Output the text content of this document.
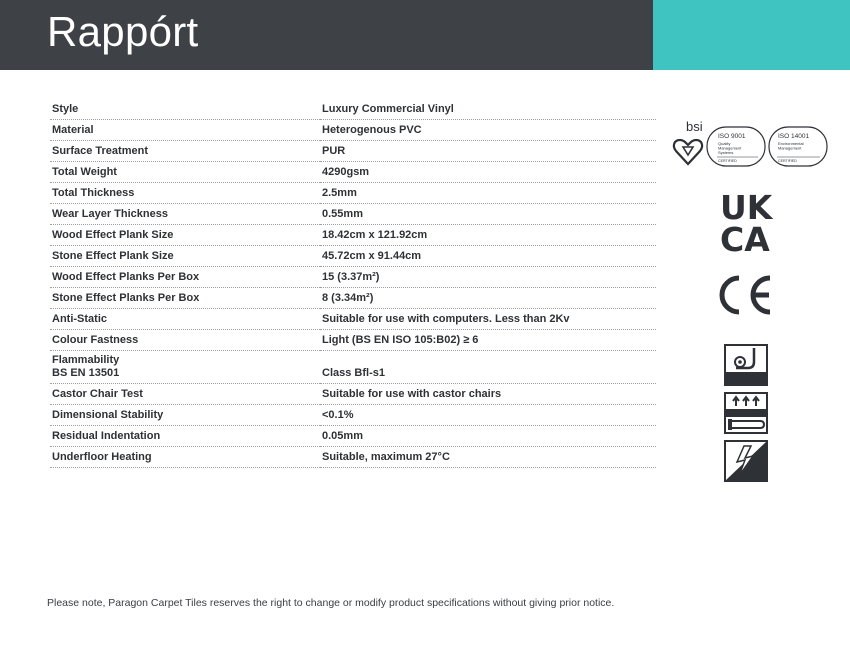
Rappórt
Style	Luxury Commercial Vinyl

Material	Heterogenous PVC

Surface Treatment	PUR

Total Weight	4290gsm

Total Thickness	2.5mm

Wear Layer Thickness	0.55mm

Wood Effect Plank Size	18.42cm x 121.92cm

Stone Effect Plank Size	45.72cm x 91.44cm

Wood Effect Planks Per Box	15 (3.37m²)

Stone Effect Planks Per Box	8 (3.34m²)

Anti-Static	Suitable for use with computers. Less than 2Kv

Colour Fastness	Light (BS EN ISO 105:B02) ≥ 6

Flammability
BS EN 13501	Class Bfl-s1

Castor Chair Test	Suitable for use with castor chairs

Dimensional Stability	<0.1%

Residual Indentation	0.05mm

Underfloor Heating	Suitable, maximum 27°C
bsi
ISO 9001
Quality
Management
Systems
CERTIFIED
ISO 14001
Environmental
Management
CERTIFIED
UK
CA
Please note, Paragon Carpet Tiles reserves the right to change or modify product specifications without giving prior notice.
